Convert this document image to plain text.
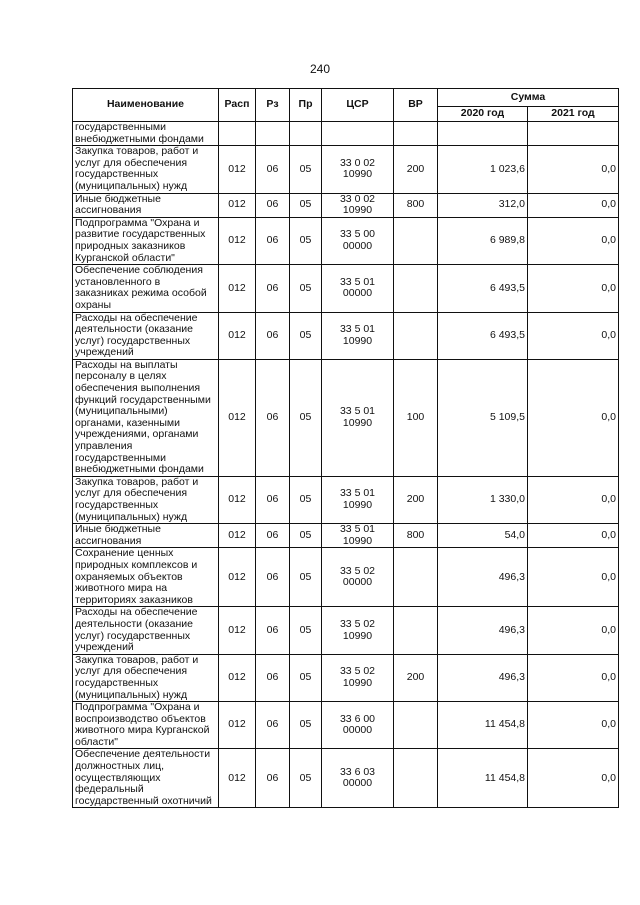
240
Наименование	Расп	Рз	Пр	ЦСР	ВР	Сумма	
						2020 год	2021 год
государственными внебюджетными фондами							
Закупка товаров, работ и услуг для обеспечения государственных (муниципальных) нужд	012	06	05	33 0 02 10990	200	1 023,6	0,0
Иные бюджетные ассигнования	012	06	05	33 0 02 10990	800	312,0	0,0
Подпрограмма "Охрана и развитие государственных природных заказников Курганской области"	012	06	05	33 5 00 00000		6 989,8	0,0
Обеспечение соблюдения установленного в заказниках режима особой охраны	012	06	05	33 5 01 00000		6 493,5	0,0
Расходы на обеспечение деятельности (оказание услуг) государственных учреждений	012	06	05	33 5 01 10990		6 493,5	0,0
Расходы на выплаты персоналу в целях обеспечения выполнения функций государственными (муниципальными) органами, казенными учреждениями, органами управления государственными внебюджетными фондами	012	06	05	33 5 01 10990	100	5 109,5	0,0
Закупка товаров, работ и услуг для обеспечения государственных (муниципальных) нужд	012	06	05	33 5 01 10990	200	1 330,0	0,0
Иные бюджетные ассигнования	012	06	05	33 5 01 10990	800	54,0	0,0
Сохранение ценных природных комплексов и охраняемых объектов животного мира на территориях заказников	012	06	05	33 5 02 00000		496,3	0,0
Расходы на обеспечение деятельности (оказание услуг) государственных учреждений	012	06	05	33 5 02 10990		496,3	0,0
Закупка товаров, работ и услуг для обеспечения государственных (муниципальных) нужд	012	06	05	33 5 02 10990	200	496,3	0,0
Подпрограмма "Охрана и воспроизводство объектов животного мира Курганской области"	012	06	05	33 6 00 00000		11 454,8	0,0
Обеспечение деятельности должностных лиц, осуществляющих федеральный государственный охотничий	012	06	05	33 6 03 00000		11 454,8	0,0
